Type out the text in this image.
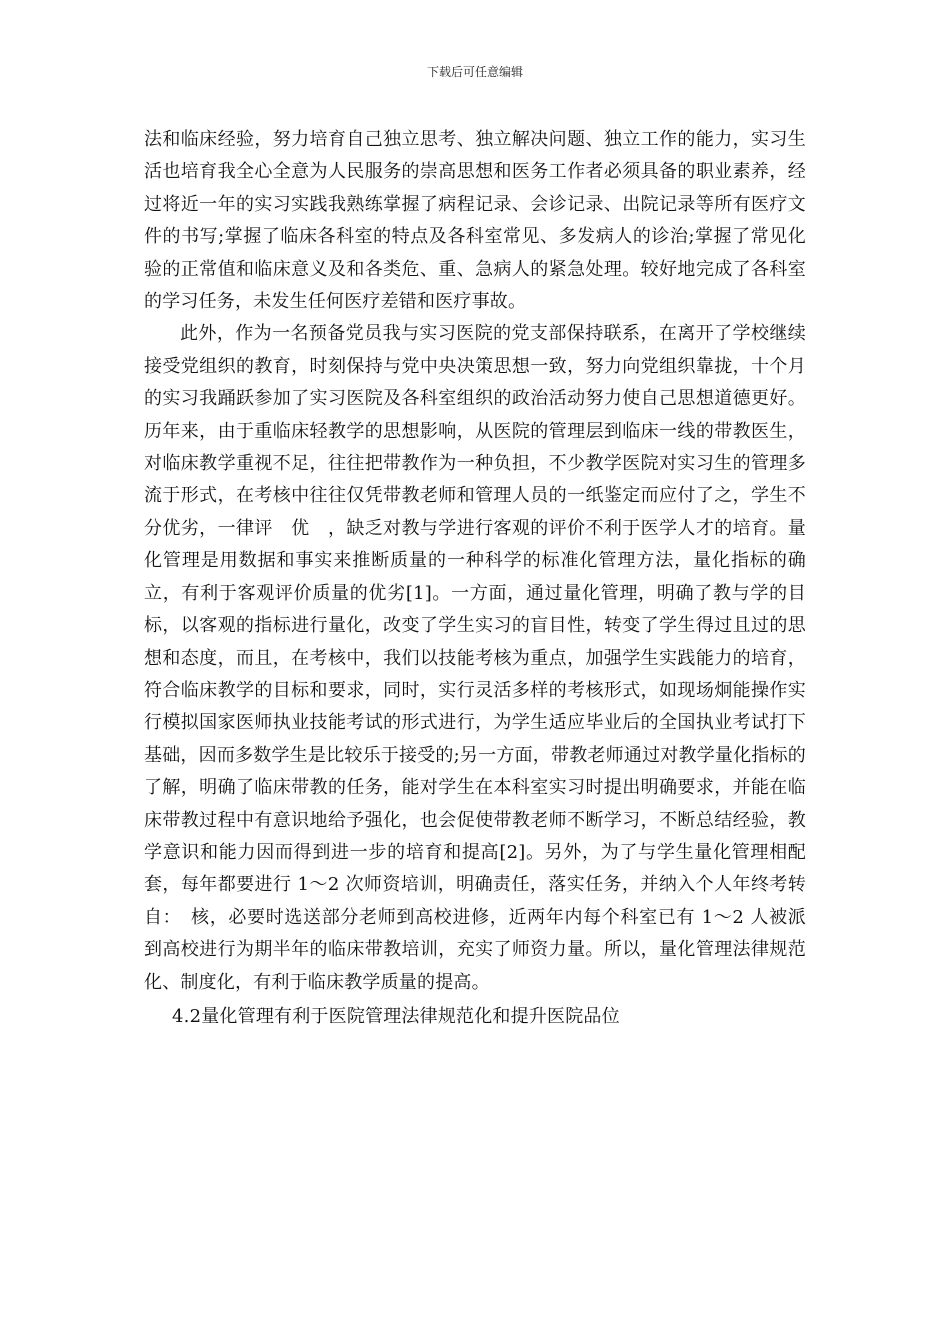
下载后可任意编辑

法和临床经验，努力培育自己独立思考、独立解决问题、独立工作的能力，实习生活也培育我全心全意为人民服务的崇高思想和医务工作者必须具备的职业素养，经过将近一年的实习实践我熟练掌握了病程记录、会诊记录、出院记录等所有医疗文件的书写;掌握了临床各科室的特点及各科室常见、多发病人的诊治;掌握了常见化验的正常值和临床意义及和各类危、重、急病人的紧急处理。较好地完成了各科室的学习任务，未发生任何医疗差错和医疗事故。

此外，作为一名预备党员我与实习医院的党支部保持联系，在离开了学校继续接受党组织的教育，时刻保持与党中央决策思想一致，努力向党组织靠拢，十个月的实习我踊跃参加了实习医院及各科室组织的政治活动努力使自己思想道德更好。历年来，由于重临床轻教学的思想影响，从医院的管理层到临床一线的带教医生，对临床教学重视不足，往往把带教作为一种负担，不少教学医院对实习生的管理多流于形式，在考核中往往仅凭带教老师和管理人员的一纸鉴定而应付了之，学生不分优劣，一律评　优　，缺乏对教与学进行客观的评价不利于医学人才的培育。量化管理是用数据和事实来推断质量的一种科学的标准化管理方法，量化指标的确立，有利于客观评价质量的优劣[1]。一方面，通过量化管理，明确了教与学的目标，以客观的指标进行量化，改变了学生实习的盲目性，转变了学生得过且过的思想和态度，而且，在考核中，我们以技能考核为重点，加强学生实践能力的培育，符合临床教学的目标和要求，同时，实行灵活多样的考核形式，如现场炯能操作实行模拟国家医师执业技能考试的形式进行，为学生适应毕业后的全国执业考试打下基础，因而多数学生是比较乐于接受的;另一方面，带教老师通过对教学量化指标的了解，明确了临床带教的任务，能对学生在本科室实习时提出明确要求，并能在临床带教过程中有意识地给予强化，也会促使带教老师不断学习，不断总结经验，教学意识和能力因而得到进一步的培育和提高[2]。另外，为了与学生量化管理相配套，每年都要进行 1～2 次师资培训，明确责任，落实任务，并纳入个人年终考转自：　核，必要时选送部分老师到高校进修，近两年内每个科室已有 1～2 人被派到高校进行为期半年的临床带教培训，充实了师资力量。所以，量化管理法律规范化、制度化，有利于临床教学质量的提高。

4.2量化管理有利于医院管理法律规范化和提升医院品位
